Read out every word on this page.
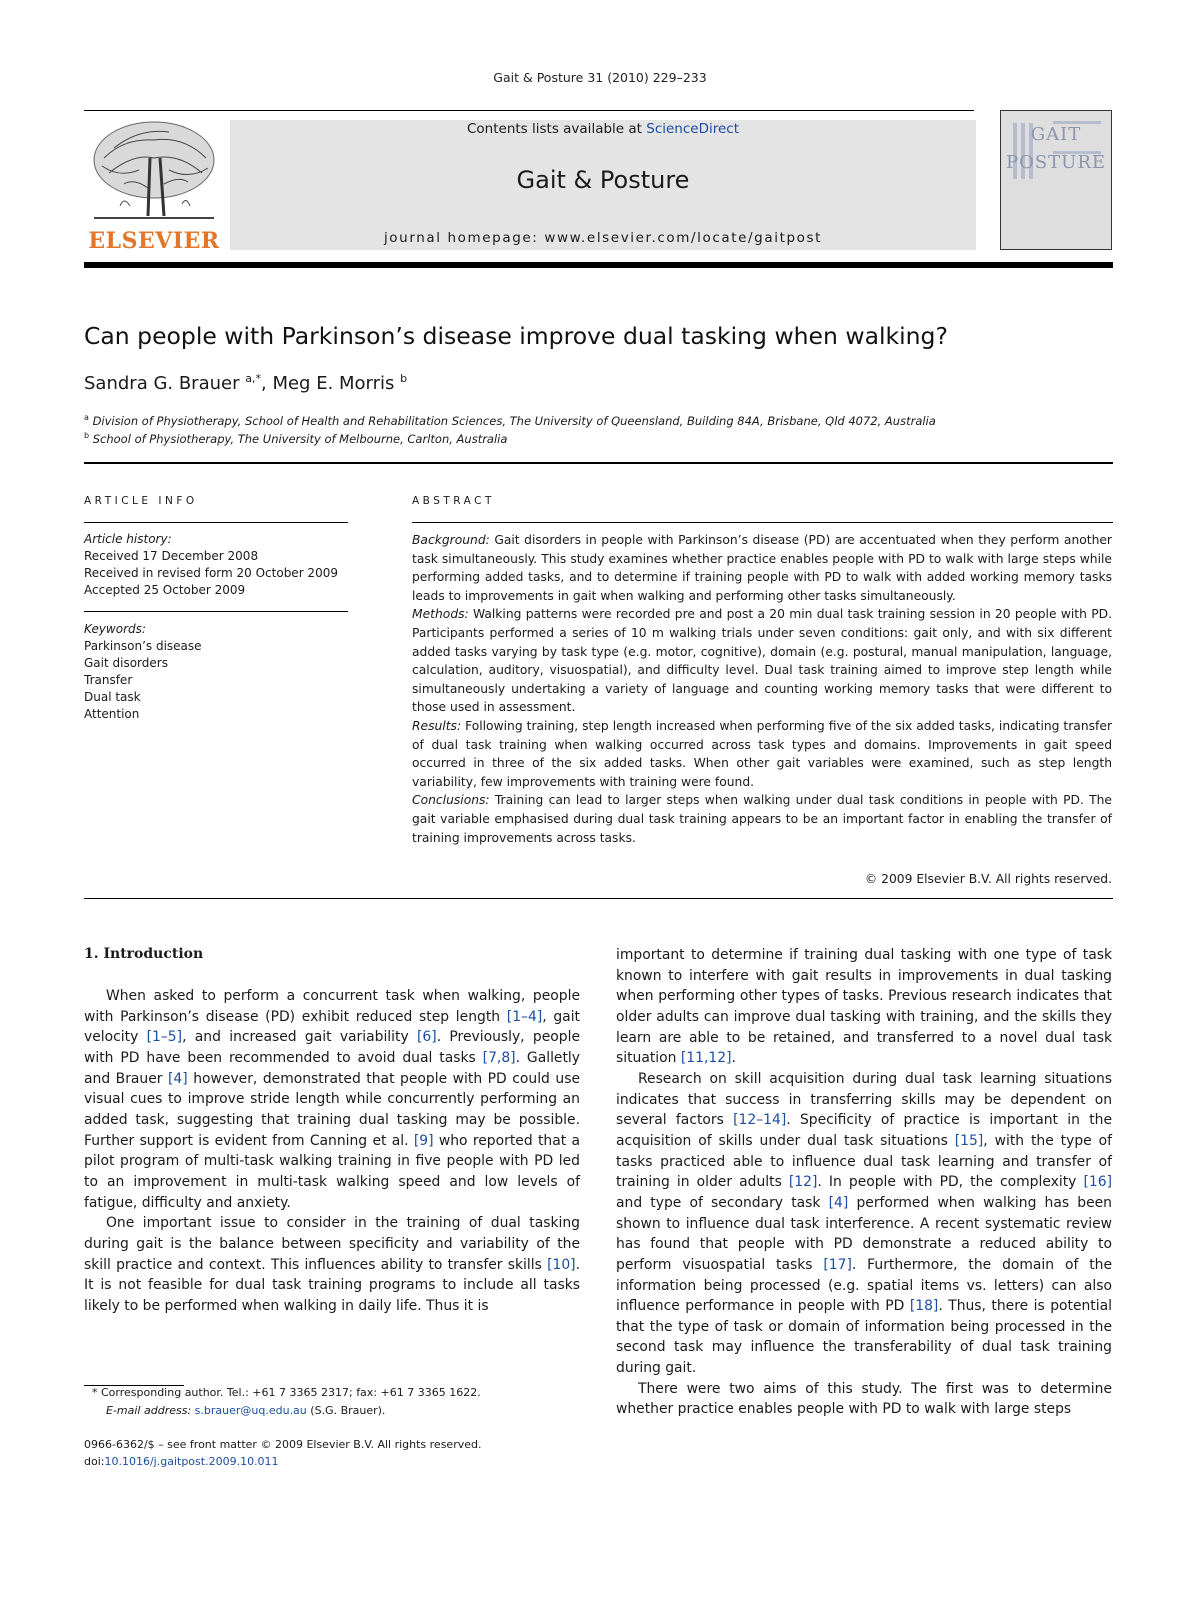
Gait & Posture 31 (2010) 229–233
ELSEVIER
Contents lists available at ScienceDirect
Gait & Posture
journal homepage: www.elsevier.com/locate/gaitpost
GAIT
POSTURE
Can people with Parkinson’s disease improve dual tasking when walking?
Sandra G. Brauer $^{a,*}$, Meg E. Morris $^b$
$^a$ Division of Physiotherapy, School of Health and Rehabilitation Sciences, The University of Queensland, Building 84A, Brisbane, Qld 4072, Australia
$^b$ School of Physiotherapy, The University of Melbourne, Carlton, Australia
ARTICLE INFO
Article history:
Received 17 December 2008
Received in revised form 20 October 2009
Accepted 25 October 2009
Keywords:
Parkinson’s disease
Gait disorders
Transfer
Dual task
Attention
ABSTRACT

Background: Gait disorders in people with Parkinson’s disease (PD) are accentuated when they perform another task simultaneously. This study examines whether practice enables people with PD to walk with large steps while performing added tasks, and to determine if training people with PD to walk with added working memory tasks leads to improvements in gait when walking and performing other tasks simultaneously.

Methods: Walking patterns were recorded pre and post a 20 min dual task training session in 20 people with PD. Participants performed a series of 10 m walking trials under seven conditions: gait only, and with six different added tasks varying by task type (e.g. motor, cognitive), domain (e.g. postural, manual manipulation, language, calculation, auditory, visuospatial), and difficulty level. Dual task training aimed to improve step length while simultaneously undertaking a variety of language and counting working memory tasks that were different to those used in assessment.

Results: Following training, step length increased when performing five of the six added tasks, indicating transfer of dual task training when walking occurred across task types and domains. Improvements in gait speed occurred in three of the six added tasks. When other gait variables were examined, such as step length variability, few improvements with training were found.

Conclusions: Training can lead to larger steps when walking under dual task conditions in people with PD. The gait variable emphasised during dual task training appears to be an important factor in enabling the transfer of training improvements across tasks.

© 2009 Elsevier B.V. All rights reserved.
1. Introduction

When asked to perform a concurrent task when walking, people with Parkinson’s disease (PD) exhibit reduced step length [1–4], gait velocity [1–5], and increased gait variability [6]. Previously, people with PD have been recommended to avoid dual tasks [7,8]. Galletly and Brauer [4] however, demonstrated that people with PD could use visual cues to improve stride length while concurrently performing an added task, suggesting that training dual tasking may be possible. Further support is evident from Canning et al. [9] who reported that a pilot program of multi-task walking training in five people with PD led to an improvement in multi-task walking speed and low levels of fatigue, difficulty and anxiety.

One important issue to consider in the training of dual tasking during gait is the balance between specificity and variability of the skill practice and context. This influences ability to transfer skills [10]. It is not feasible for dual task training programs to include all tasks likely to be performed when walking in daily life. Thus it is

important to determine if training dual tasking with one type of task known to interfere with gait results in improvements in dual tasking when performing other types of tasks. Previous research indicates that older adults can improve dual tasking with training, and the skills they learn are able to be retained, and transferred to a novel dual task situation [11,12].

Research on skill acquisition during dual task learning situations indicates that success in transferring skills may be dependent on several factors [12–14]. Specificity of practice is important in the acquisition of skills under dual task situations [15], with the type of tasks practiced able to influence dual task learning and transfer of training in older adults [12]. In people with PD, the complexity [16] and type of secondary task [4] performed when walking has been shown to influence dual task interference. A recent systematic review has found that people with PD demonstrate a reduced ability to perform visuospatial tasks [17]. Furthermore, the domain of the information being processed (e.g. spatial items vs. letters) can also influence performance in people with PD [18]. Thus, there is potential that the type of task or domain of information being processed in the second task may influence the transferability of dual task training during gait.

There were two aims of this study. The first was to determine whether practice enables people with PD to walk with large steps

* Corresponding author. Tel.: +61 7 3365 2317; fax: +61 7 3365 1622.
E-mail address: s.brauer@uq.edu.au (S.G. Brauer).
0966-6362/$ – see front matter © 2009 Elsevier B.V. All rights reserved.
doi:10.1016/j.gaitpost.2009.10.011
